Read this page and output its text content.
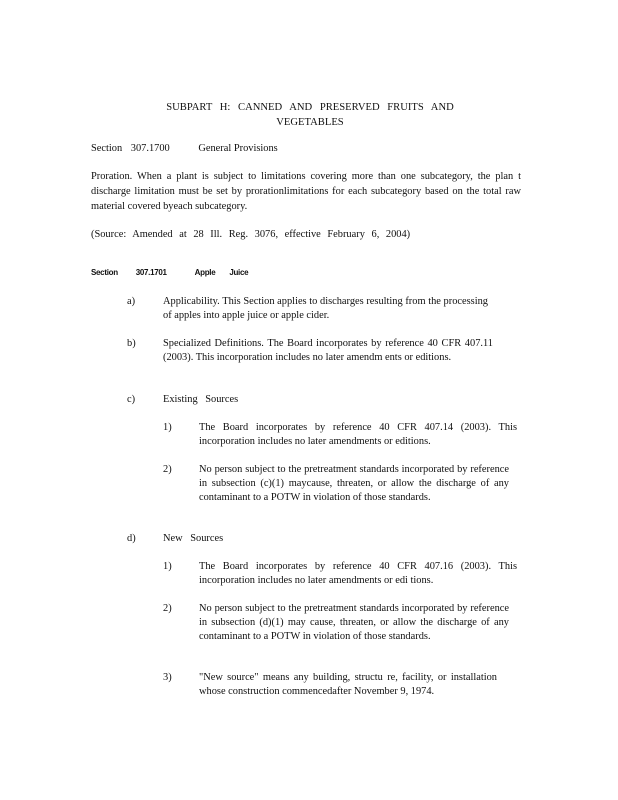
SUBPART H: CANNED AND PRESERVED FRUITS AND
VEGETABLES
Section 307.1700	General Provisions
Proration. When a plant is subject to limitations covering more than one subcategory, the plan t discharge limitation must be set by prorationlimitations for each subcategory based on the total raw material covered byeach subcategory.
(Source: Amended at 28 Ill. Reg. 3076, effective February 6, 2004)
Section 307.1701	Apple Juice
a)	Applicability. This Section applies to discharges resulting from the processing of apples into apple juice or apple cider.
b)	Specialized Definitions. The Board incorporates by reference 40 CFR 407.11 (2003). This incorporation includes no later amendm ents or editions.
c)	Existing Sources
1)	The Board incorporates by reference 40 CFR 407.14 (2003). This incorporation includes no later amendments or editions.
2)	No person subject to the pretreatment standards incorporated by reference in subsection (c)(1) maycause, threaten, or allow the discharge of any contaminant to a POTW in violation of those standards.
d)	New Sources
1)	The Board incorporates by reference 40 CFR 407.16 (2003). This incorporation includes no later amendments or edi tions.
2)	No person subject to the pretreatment standards incorporated by reference in subsection (d)(1) may cause, threaten, or allow the discharge of any contaminant to a POTW in violation of those standards.
3)	"New source" means any building, structu re, facility, or installation whose construction commencedafter November 9, 1974.
